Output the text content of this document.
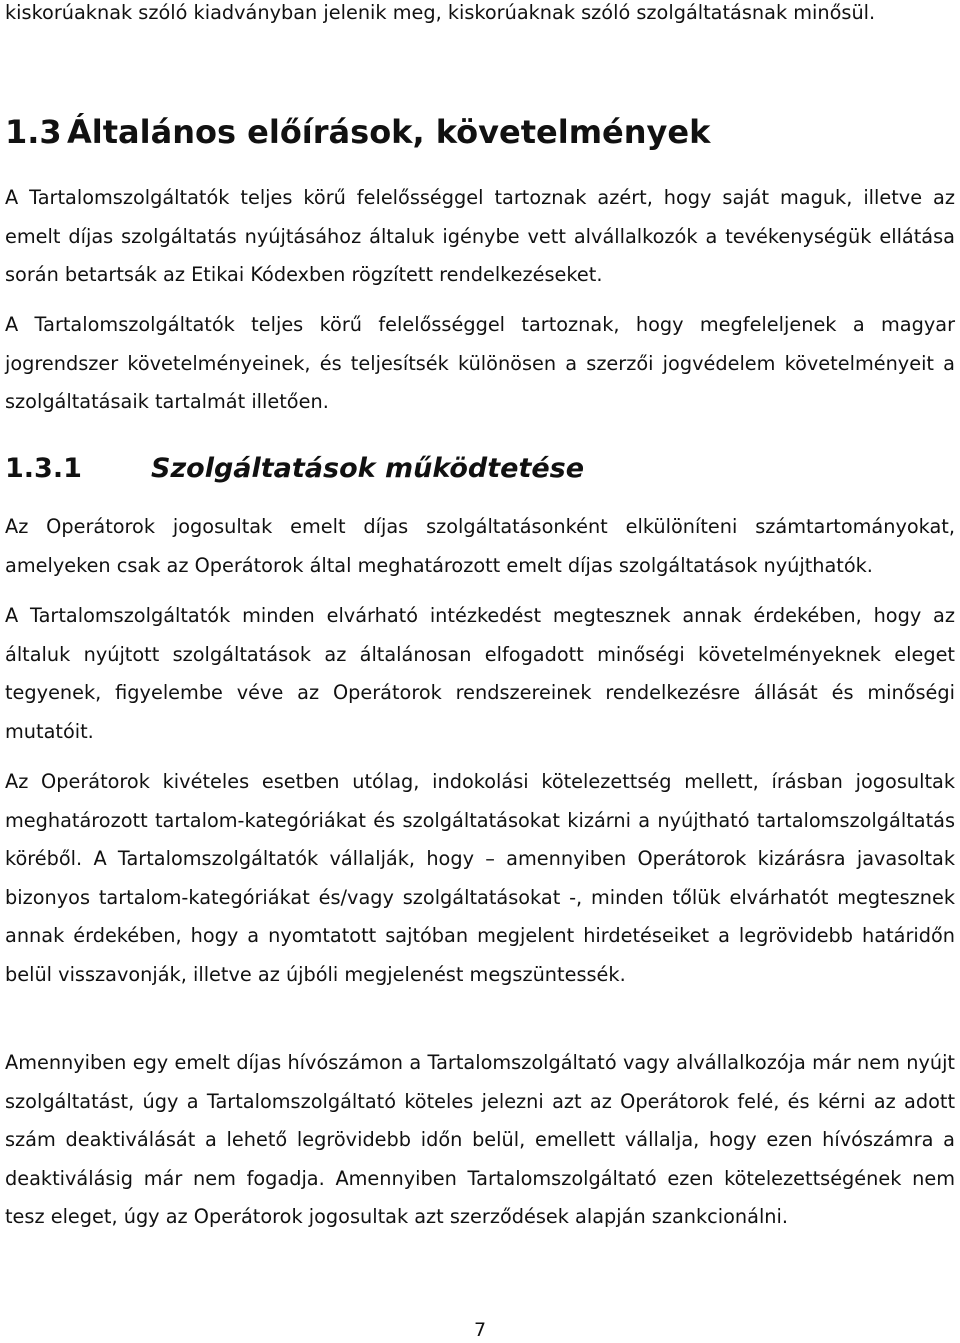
kiskorúaknak szóló kiadványban jelenik meg, kiskorúaknak szóló szolgáltatásnak minősül.

1.3 Általános előírások, követelmények

A Tartalomszolgáltatók teljes körű felelősséggel tartoznak azért, hogy saját maguk, illetve az emelt díjas szolgáltatás nyújtásához általuk igénybe vett alvállalkozók a tevékenységük ellátása során betartsák az Etikai Kódexben rögzített rendelkezéseket.

A Tartalomszolgáltatók teljes körű felelősséggel tartoznak, hogy megfeleljenek a magyar jogrendszer követelményeinek, és teljesítsék különösen a szerzői jogvédelem követelményeit a szolgáltatásaik tartalmát illetően.

1.3.1	Szolgáltatások működtetése

Az Operátorok jogosultak emelt díjas szolgáltatásonként elkülöníteni számtartományokat, amelyeken csak az Operátorok által meghatározott emelt díjas szolgáltatások nyújthatók.

A Tartalomszolgáltatók minden elvárható intézkedést megtesznek annak érdekében, hogy az általuk nyújtott szolgáltatások az általánosan elfogadott minőségi követelményeknek eleget tegyenek, figyelembe véve az Operátorok rendszereinek rendelkezésre állását és minőségi mutatóit.

Az Operátorok kivételes esetben utólag, indokolási kötelezettség mellett, írásban jogosultak meghatározott tartalom-kategóriákat és szolgáltatásokat kizárni a nyújtható tartalomszolgáltatás köréből. A Tartalomszolgáltatók vállalják, hogy – amennyiben Operátorok kizárásra javasoltak bizonyos tartalom-kategóriákat és/vagy szolgáltatásokat -, minden tőlük elvárhatót megtesznek annak érdekében, hogy a nyomtatott sajtóban megjelent hirdetéseiket a legrövidebb határidőn belül visszavonják, illetve az újbóli megjelenést megszüntessék.

Amennyiben egy emelt díjas hívószámon a Tartalomszolgáltató vagy alvállalkozója már nem nyújt szolgáltatást, úgy a Tartalomszolgáltató köteles jelezni azt az Operátorok felé, és kérni az adott szám deaktiválását a lehető legrövidebb időn belül, emellett vállalja, hogy ezen hívószámra a deaktiválásig már nem fogadja. Amennyiben Tartalomszolgáltató ezen kötelezettségének nem tesz eleget, úgy az Operátorok jogosultak azt szerződések alapján szankcionálni.

7
